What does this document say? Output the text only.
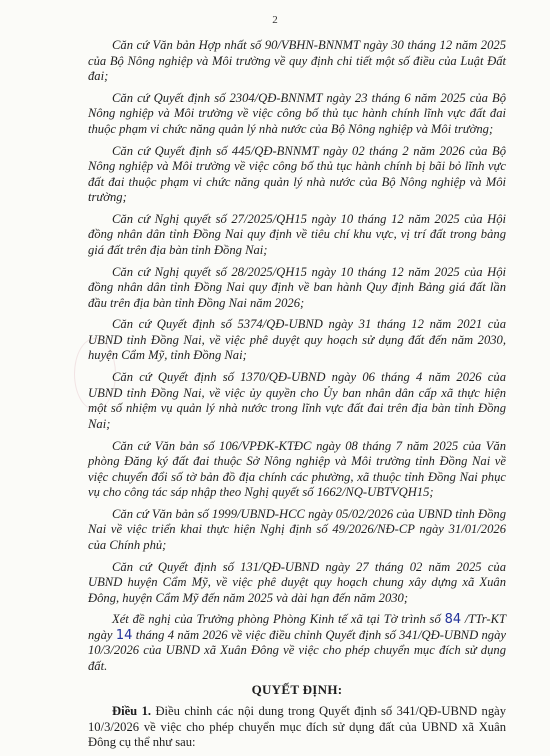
2

Căn cứ Văn bản Hợp nhất số 90/VBHN-BNNMT ngày 30 tháng 12 năm 2025 của Bộ Nông nghiệp và Môi trường về quy định chi tiết một số điều của Luật Đất đai;

Căn cứ Quyết định số 2304/QĐ-BNNMT ngày 23 tháng 6 năm 2025 của Bộ Nông nghiệp và Môi trường về việc công bố thủ tục hành chính lĩnh vực đất đai thuộc phạm vi chức năng quản lý nhà nước của Bộ Nông nghiệp và Môi trường;

Căn cứ Quyết định số 445/QĐ-BNNMT ngày 02 tháng 2 năm 2026 của Bộ Nông nghiệp và Môi trường về việc công bố thủ tục hành chính bị bãi bỏ lĩnh vực đất đai thuộc phạm vi chức năng quản lý nhà nước của Bộ Nông nghiệp và Môi trường;

Căn cứ Nghị quyết số 27/2025/QH15 ngày 10 tháng 12 năm 2025 của Hội đồng nhân dân tỉnh Đồng Nai quy định về tiêu chí khu vực, vị trí đất trong bảng giá đất trên địa bàn tỉnh Đồng Nai;

Căn cứ Nghị quyết số 28/2025/QH15 ngày 10 tháng 12 năm 2025 của Hội đồng nhân dân tỉnh Đồng Nai quy định về ban hành Quy định Bảng giá đất lần đầu trên địa bàn tỉnh Đồng Nai năm 2026;

Căn cứ Quyết định số 5374/QĐ-UBND ngày 31 tháng 12 năm 2021 của UBND tỉnh Đồng Nai, về việc phê duyệt quy hoạch sử dụng đất đến năm 2030, huyện Cẩm Mỹ, tỉnh Đồng Nai;

Căn cứ Quyết định số 1370/QĐ-UBND ngày 06 tháng 4 năm 2026 của UBND tỉnh Đồng Nai, về việc ủy quyền cho Ủy ban nhân dân cấp xã thực hiện một số nhiệm vụ quản lý nhà nước trong lĩnh vực đất đai trên địa bàn tỉnh Đồng Nai;

Căn cứ Văn bản số 106/VPĐK-KTĐC ngày 08 tháng 7 năm 2025 của Văn phòng Đăng ký đất đai thuộc Sở Nông nghiệp và Môi trường tỉnh Đồng Nai về việc chuyển đổi số tờ bản đồ địa chính các phường, xã thuộc tỉnh Đồng Nai phục vụ cho công tác sáp nhập theo Nghị quyết số 1662/NQ-UBTVQH15;

Căn cứ Văn bản số 1999/UBND-HCC ngày 05/02/2026 của UBND tỉnh Đồng Nai về việc triển khai thực hiện Nghị định số 49/2026/NĐ-CP ngày 31/01/2026 của Chính phủ;

Căn cứ Quyết định số 131/QĐ-UBND ngày 27 tháng 02 năm 2025 của UBND huyện Cẩm Mỹ, về việc phê duyệt quy hoạch chung xây dựng xã Xuân Đông, huyện Cẩm Mỹ đến năm 2025 và dài hạn đến năm 2030;

Xét đề nghị của Trưởng phòng Phòng Kinh tế xã tại Tờ trình số 84 /TTr-KT ngày 14 tháng 4 năm 2026 về việc điều chỉnh Quyết định số 341/QĐ-UBND ngày 10/3/2026 của UBND xã Xuân Đông về việc cho phép chuyển mục đích sử dụng đất.

QUYẾT ĐỊNH:

Điều 1. Điều chỉnh các nội dung trong Quyết định số 341/QĐ-UBND ngày 10/3/2026 về việc cho phép chuyển mục đích sử dụng đất của UBND xã Xuân Đông cụ thể như sau:
